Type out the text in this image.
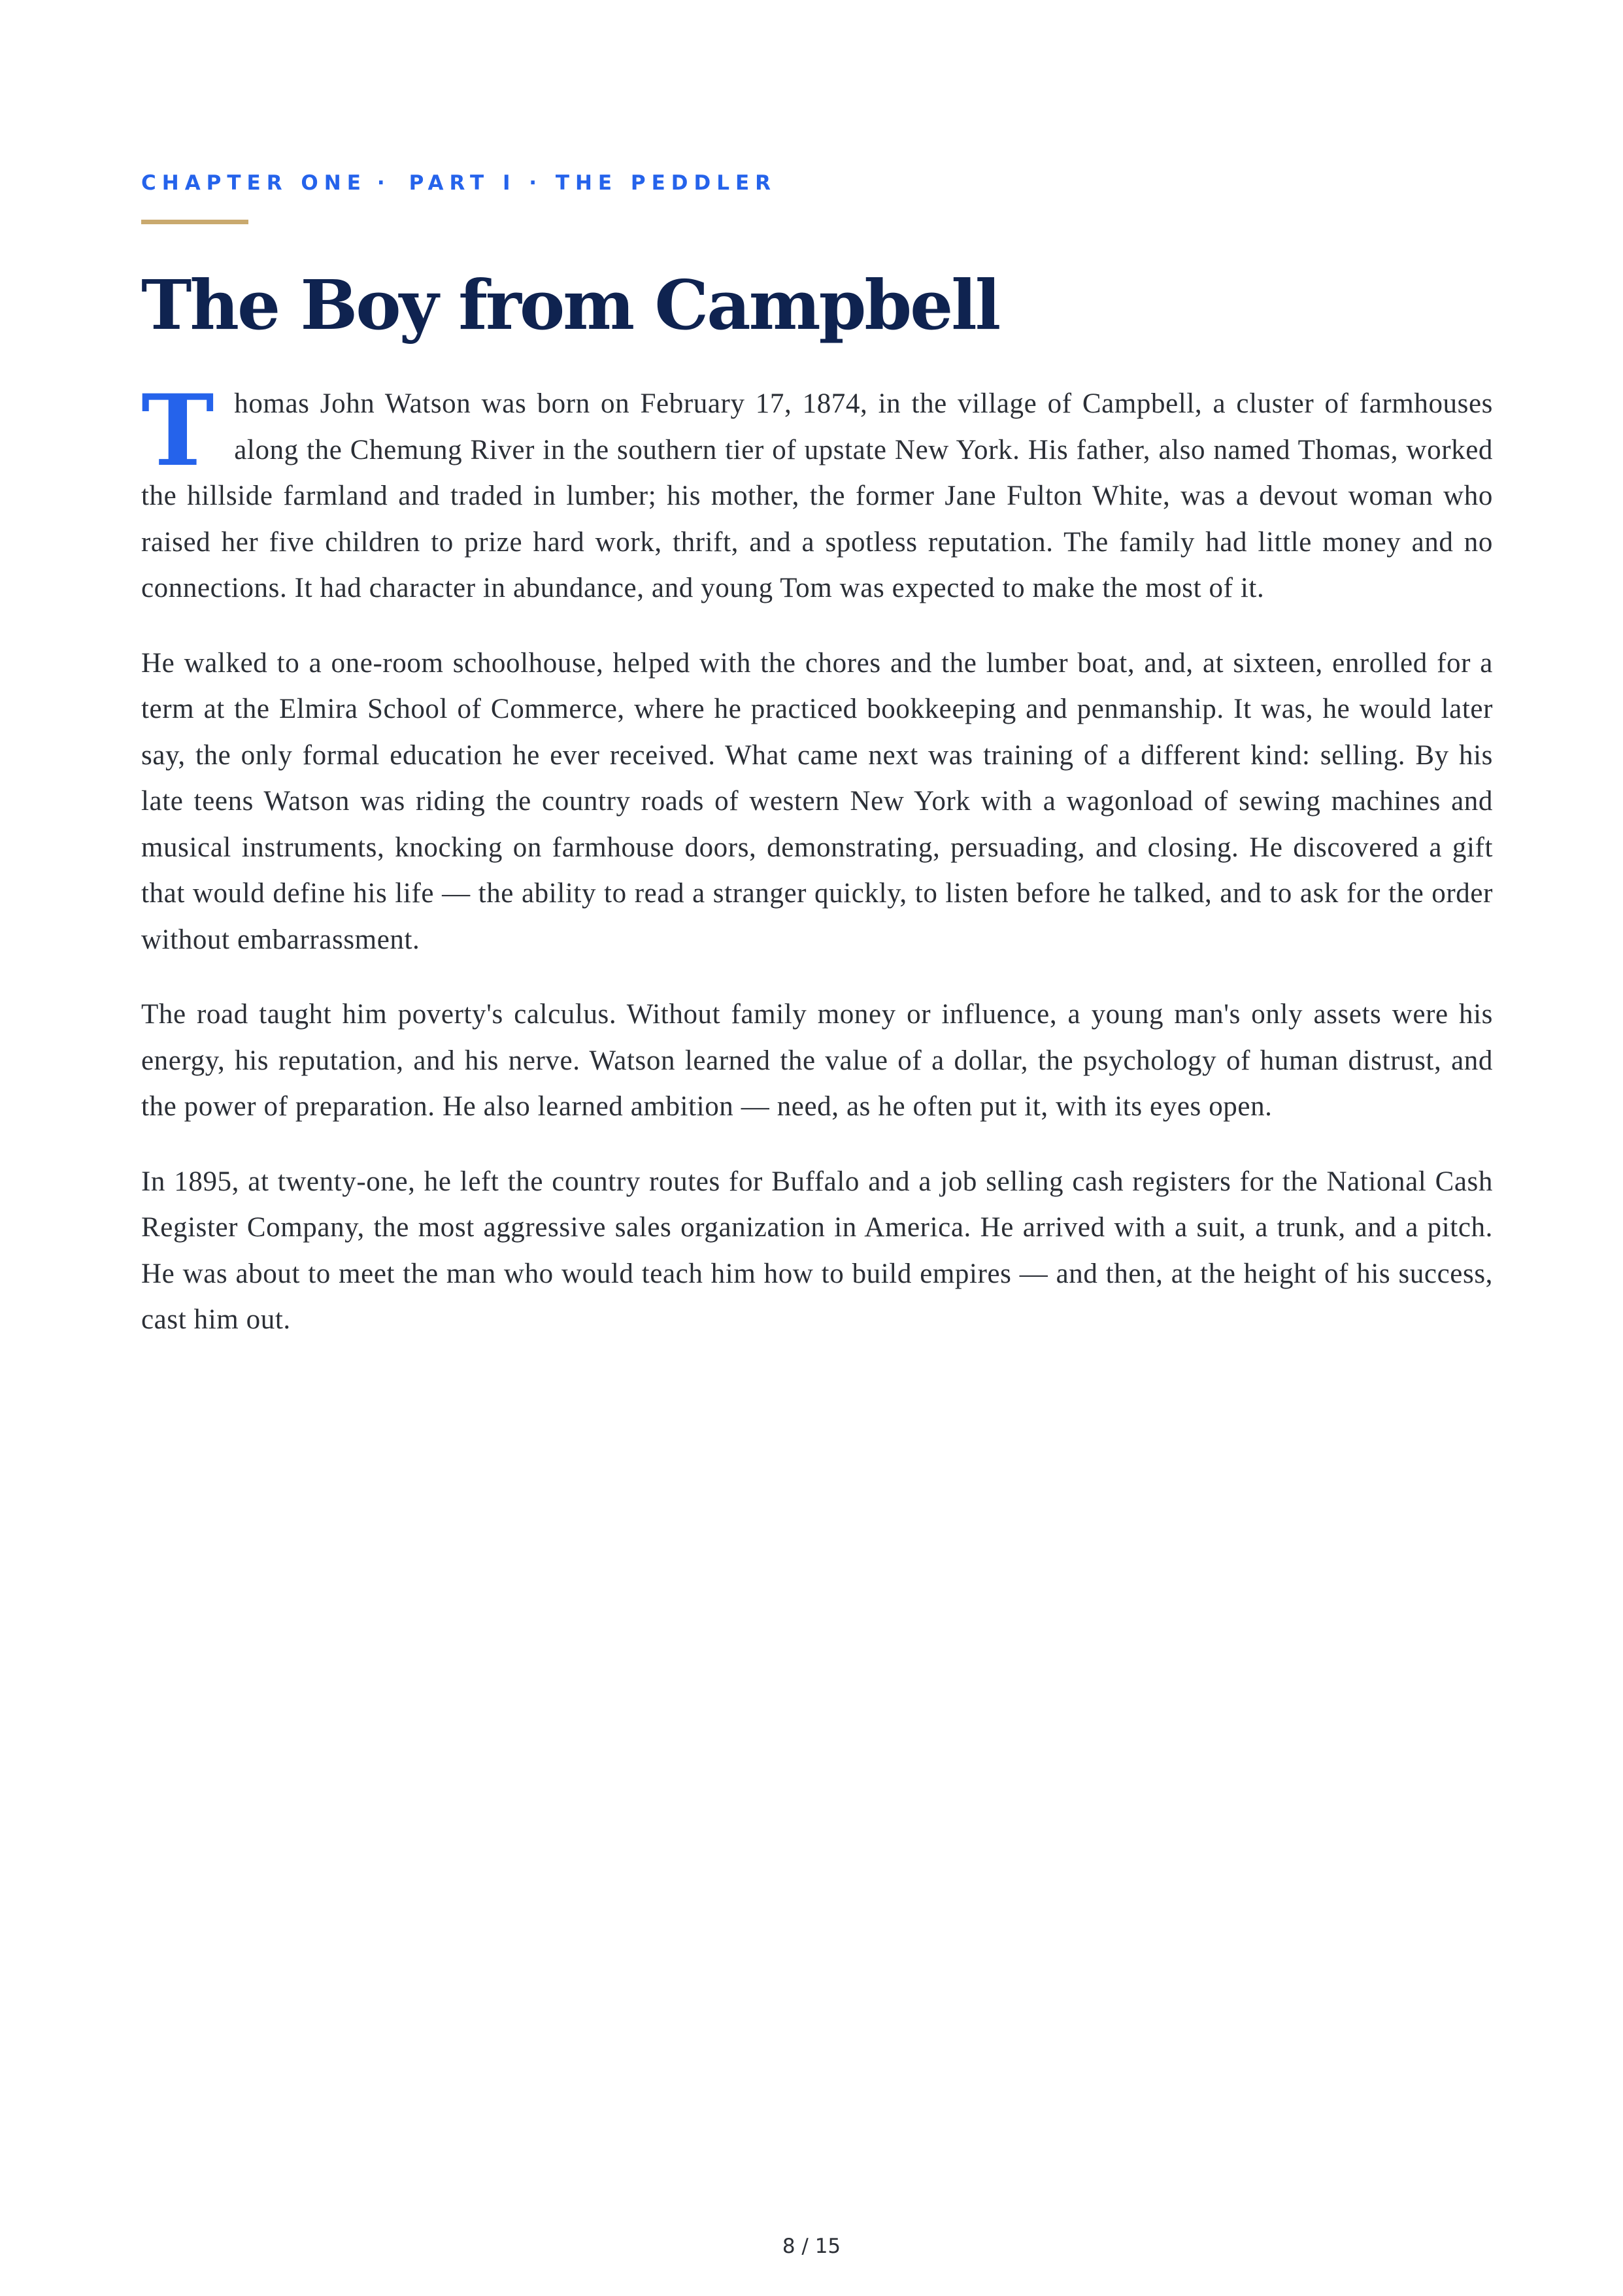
CHAPTER ONE · PART I · THE PEDDLER
The Boy from Campbell

Thomas John Watson was born on February 17, 1874, in the village of Campbell, a cluster of farmhouses along the Chemung River in the southern tier of upstate New York. His father, also named Thomas, worked the hillside farmland and traded in lumber; his mother, the former Jane Fulton White, was a devout woman who raised her five children to prize hard work, thrift, and a spotless reputation. The family had little money and no connections. It had character in abundance, and young Tom was expected to make the most of it.

He walked to a one-room schoolhouse, helped with the chores and the lumber boat, and, at sixteen, enrolled for a term at the Elmira School of Commerce, where he practiced bookkeeping and penmanship. It was, he would later say, the only formal education he ever received. What came next was training of a different kind: selling. By his late teens Watson was riding the country roads of western New York with a wagonload of sewing machines and musical instruments, knocking on farmhouse doors, demonstrating, persuading, and closing. He discovered a gift that would define his life — the ability to read a stranger quickly, to listen before he talked, and to ask for the order without embarrassment.

The road taught him poverty's calculus. Without family money or influence, a young man's only assets were his energy, his reputation, and his nerve. Watson learned the value of a dollar, the psychology of human distrust, and the power of preparation. He also learned ambition — need, as he often put it, with its eyes open.

In 1895, at twenty-one, he left the country routes for Buffalo and a job selling cash registers for the National Cash Register Company, the most aggressive sales organization in America. He arrived with a suit, a trunk, and a pitch. He was about to meet the man who would teach him how to build empires — and then, at the height of his success, cast him out.

8 / 15
